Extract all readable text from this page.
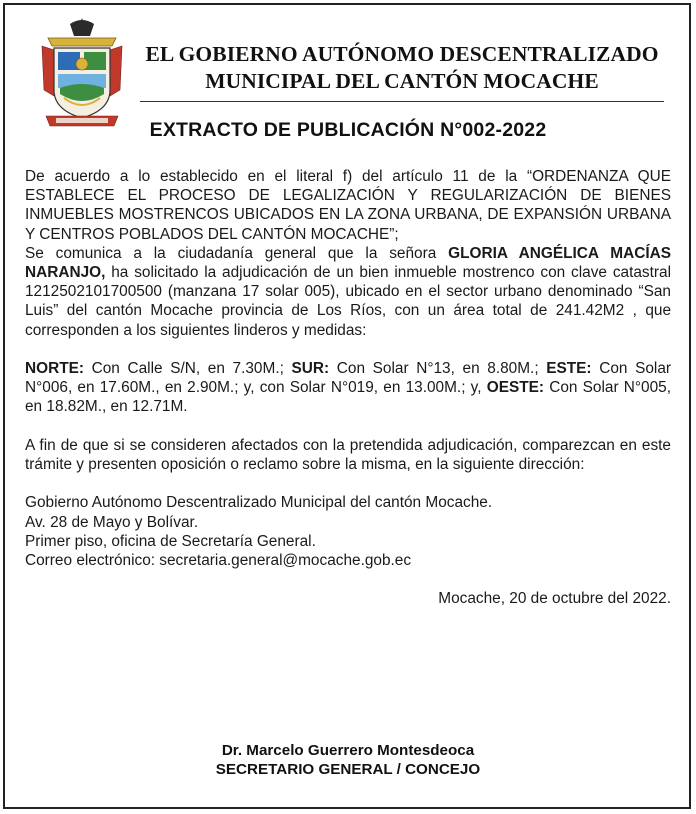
EL GOBIERNO AUTÓNOMO DESCENTRALIZADO
MUNICIPAL DEL CANTÓN MOCACHE
EXTRACTO DE PUBLICACIÓN N°002-2022

De acuerdo a lo establecido en el literal f) del artículo 11 de la “ORDENANZA QUE ESTABLECE EL PROCESO DE LEGALIZACIÓN Y REGULARIZACIÓN DE BIENES INMUEBLES MOSTRENCOS UBICADOS EN LA ZONA URBANA, DE EXPANSIÓN URBANA Y CENTROS POBLADOS DEL CANTÓN MOCACHE”;

Se comunica a la ciudadanía general que la señora GLORIA ANGÉLICA MACÍAS NARANJO, ha solicitado la adjudicación de un bien inmueble mostrenco con clave catastral 1212502101700500 (manzana 17 solar 005), ubicado en el sector urbano denominado “San Luis” del cantón Mocache provincia de Los Ríos, con un área total de 241.42M2 , que corresponden a los siguientes linderos y medidas:

NORTE: Con Calle S/N, en 7.30M.; SUR: Con Solar N°13, en 8.80M.; ESTE: Con Solar N°006, en 17.60M., en 2.90M.; y, con Solar N°019, en 13.00M.; y, OESTE: Con Solar N°005, en 18.82M., en 12.71M.

A fin de que si se consideren afectados con la pretendida adjudicación, comparezcan en este trámite y presenten oposición o reclamo sobre la misma, en la siguiente dirección:

Gobierno Autónomo Descentralizado Municipal del cantón Mocache.

Av. 28 de Mayo y Bolívar.

Primer piso, oficina de Secretaría General.

Correo electrónico: secretaria.general@mocache.gob.ec

Mocache, 20 de octubre del 2022.

Dr. Marcelo Guerrero Montesdeoca
SECRETARIO GENERAL / CONCEJO
